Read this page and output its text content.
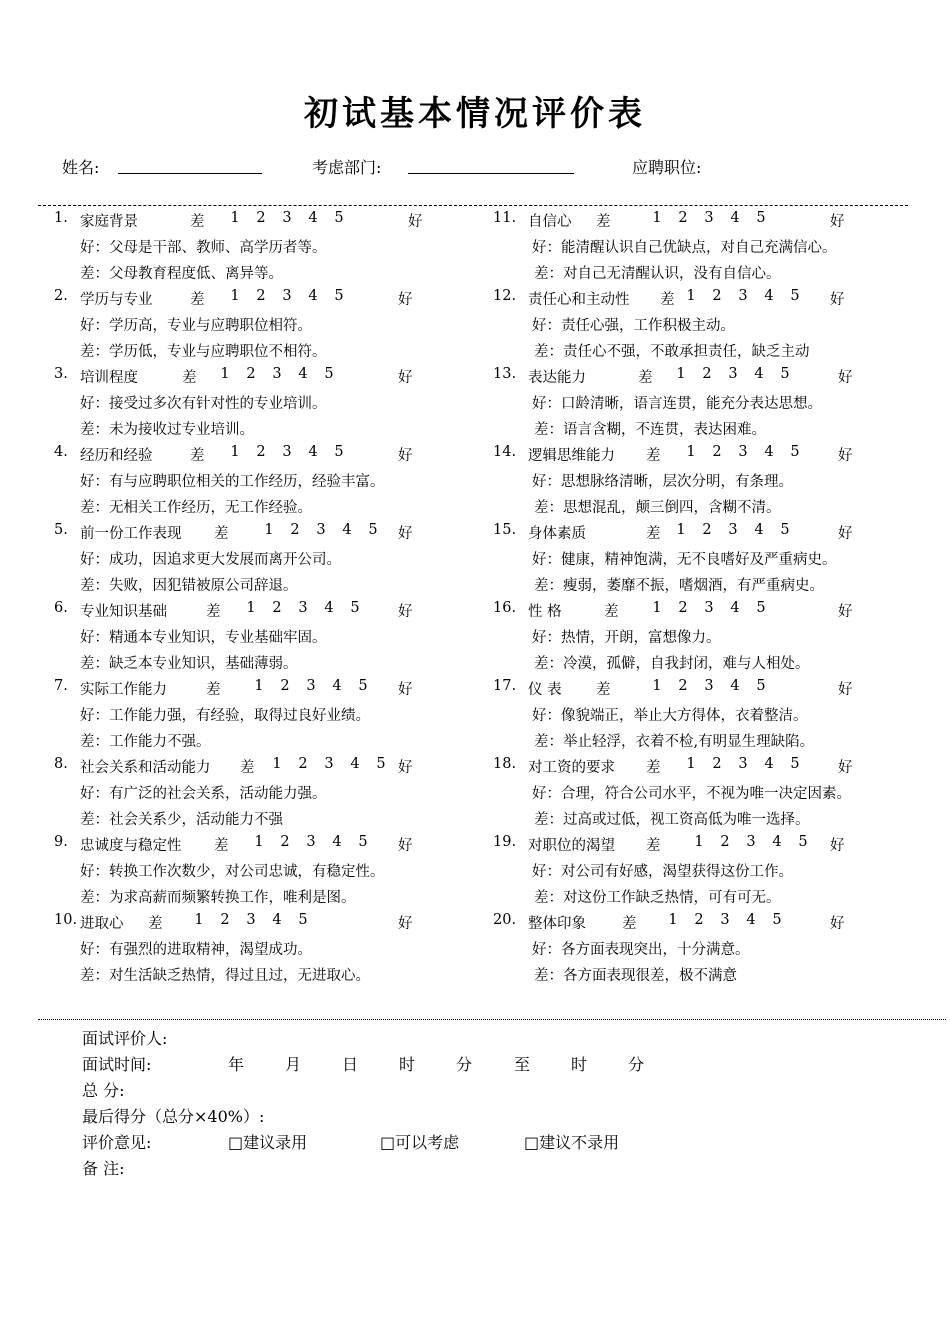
初试基本情况评价表
姓名:	考虑部门:	应聘职位:
1. 家庭背景	差	1 2 3 4 5	好
好：父母是干部、教师、高学历者等。
差：父母教育程度低、离异等。
2. 学历与专业	差	1 2 3 4 5	好
好：学历高，专业与应聘职位相符。
差：学历低，专业与应聘职位不相符。
3. 培训程度	差	1 2 3 4 5	好
好：接受过多次有针对性的专业培训。
差：未为接收过专业培训。
4. 经历和经验	差	1 2 3 4 5	好
好：有与应聘职位相关的工作经历，经验丰富。
差：无相关工作经历，无工作经验。
5. 前一份工作表现 差	1 2 3 4 5	好
好：成功，因追求更大发展而离开公司。
差：失败，因犯错被原公司辞退。
6. 专业知识基础	差	1 2 3 4 5	好
好：精通本专业知识，专业基础牢固。
差：缺乏本专业知识，基础薄弱。
7. 实际工作能力	差	1 2 3 4 5	好
好：工作能力强，有经验，取得过良好业绩。
差：工作能力不强。
8. 社会关系和活动能力 差	1 2 3 4 5 好
好：有广泛的社会关系，活动能力强。
差：社会关系少，活动能力不强
9. 忠诚度与稳定性 差	1 2 3 4 5	好
好：转换工作次数少，对公司忠诚，有稳定性。
差：为求高薪而频繁转换工作，唯利是图。
10. 进取心 差	1 2 3 4 5	好
好：有强烈的进取精神，渴望成功。
差：对生活缺乏热情，得过且过，无进取心。
11. 自信心 差	1 2 3 4 5	好
好：能清醒认识自己优缺点，对自己充满信心。
差：对自己无清醒认识，没有自信心。
12. 责任心和主动性 差 1 2 3 4 5	好
好：责任心强，工作积极主动。
差：责任心不强，不敢承担责任，缺乏主动
13. 表达能力	差	1 2 3 4 5	好
好：口龄清晰，语言连贯，能充分表达思想。
差：语言含糊，不连贯，表达困难。
14. 逻辑思维能力 差	1 2 3 4 5	好
好：思想脉络清晰，层次分明，有条理。
差：思想混乱，颠三倒四，含糊不清。
15. 身体素质	差	1 2 3 4 5	好
好：健康，精神饱满，无不良嗜好及严重病史。
差：瘦弱，萎靡不振，嗜烟酒，有严重病史。
16. 性 格	差	1 2 3 4 5	好
好：热情，开朗，富想像力。
差：冷漠，孤僻，自我封闭，难与人相处。
17. 仪 表 差	1 2 3 4 5	好
好：像貌端正，举止大方得体，衣着整洁。
差：举止轻浮，衣着不检,有明显生理缺陷。
18. 对工资的要求 差	1 2 3 4 5	好
好：合理，符合公司水平，不视为唯一决定因素。
差：过高或过低，视工资高低为唯一选择。
19. 对职位的渴望 差	1 2 3 4 5	好
好：对公司有好感，渴望获得这份工作。
差：对这份工作缺乏热情，可有可无。
20. 整体印象 差	1 2 3 4 5	好
好：各方面表现突出，十分满意。
差：各方面表现很差，极不满意
面试评价人:
面试时间:	年	月	日	时	分	至	时	分
总 分:
最后得分（总分×40%）:
评价意见:	□建议录用	□可以考虑	□建议不录用
备 注:
